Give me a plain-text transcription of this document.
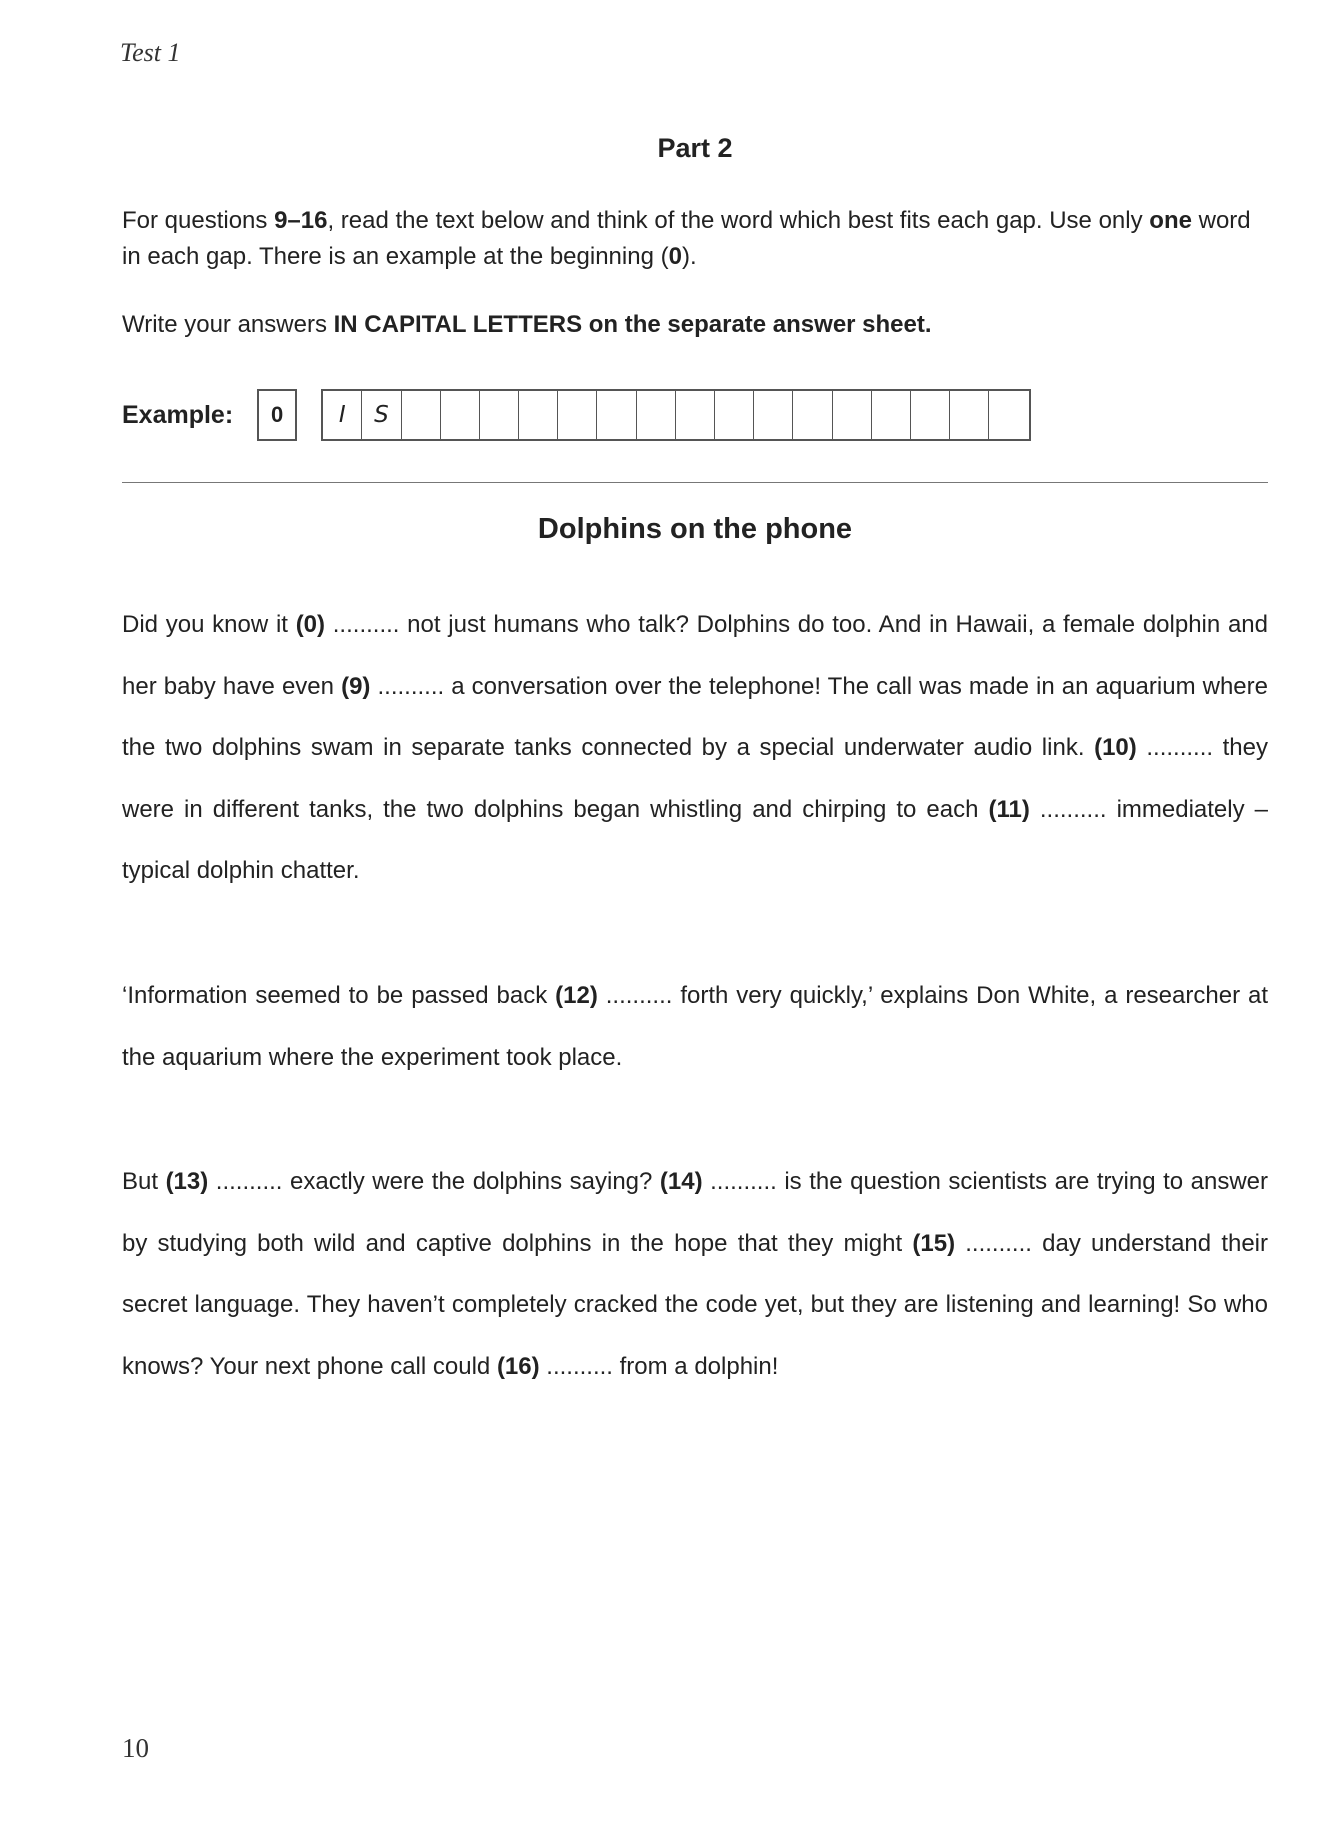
Test 1
Part 2
For questions 9–16, read the text below and think of the word which best fits each gap. Use only one word in each gap. There is an example at the beginning (0).
Write your answers IN CAPITAL LETTERS on the separate answer sheet.
Example: 0	I	S
Dolphins on the phone

Did you know it (0) .......... not just humans who talk? Dolphins do too. And in Hawaii, a female dolphin and her baby have even (9) .......... a conversation over the telephone! The call was made in an aquarium where the two dolphins swam in separate tanks connected by a special underwater audio link. (10) .......... they were in different tanks, the two dolphins began whistling and chirping to each (11) .......... immediately – typical dolphin chatter.

‘Information seemed to be passed back (12) .......... forth very quickly,’ explains Don White, a researcher at the aquarium where the experiment took place.

But (13) .......... exactly were the dolphins saying? (14) .......... is the question scientists are trying to answer by studying both wild and captive dolphins in the hope that they might (15) .......... day understand their secret language. They haven’t completely cracked the code yet, but they are listening and learning! So who knows? Your next phone call could (16) .......... from a dolphin!

10
